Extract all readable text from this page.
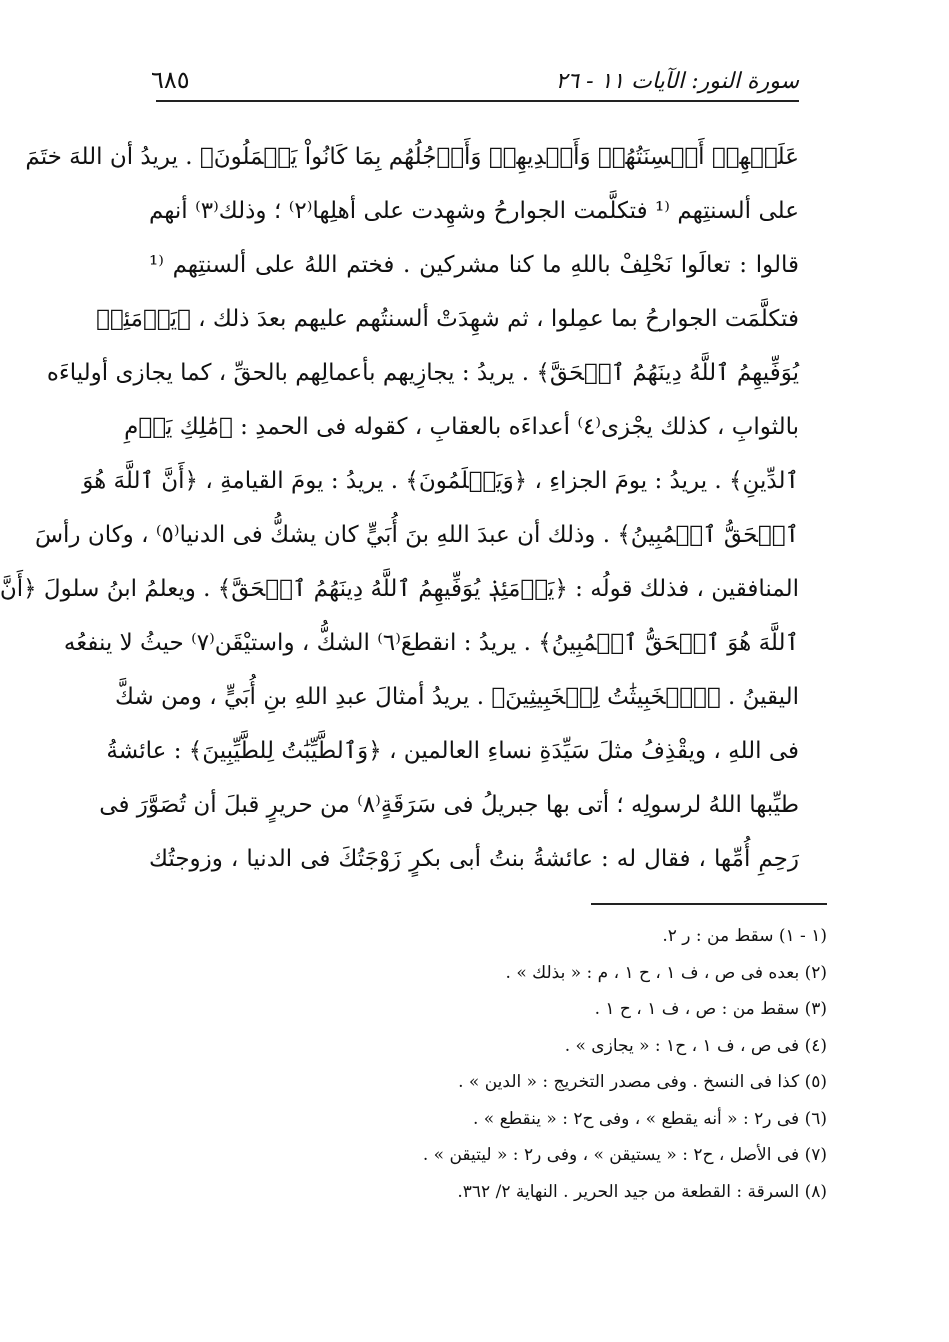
سورة النور: الآيات ١١ - ٢٦
٦٨٥
عَلَيۡهِمۡ أَلۡسِنَتُهُمۡ وَأَيۡدِيهِمۡ وَأَرۡجُلُهُم بِمَا كَانُواْ يَعۡمَلُونَ﴾ . يريدُ أن اللهَ ختَمَ
على ألسنتِهم ⁽¹ فتكلَّمت الجوارحُ وشهِدت على أهلِها⁽٢⁾ ؛ وذلك⁽٣⁾ أنهم
قالوا : تعالَوا نَحْلِفْ باللهِ ما كنا مشركين . فختم اللهُ على ألسنتِهم ⁽¹
فتكلَّمَت الجوارحُ بما عمِلوا ، ثم شهِدَتْ ألسنتُهم عليهم بعدَ ذلك ، ﴿يَوۡمَئِذٖ
يُوَفِّيهِمُ ٱللَّهُ دِينَهُمُ ٱلۡحَقَّ﴾ . يريدُ : يجازِيهم بأعمالِهم بالحقِّ ، كما يجازى أولياءَه
بالثوابِ ، كذلك يجْزى⁽٤⁾ أعداءَه بالعقابِ ، كقوله فى الحمدِ : ﴿مَٰلِكِ يَوۡمِ
ٱلدِّينِ﴾ . يريدُ : يومَ الجزاءِ ، ﴿وَيَعۡلَمُونَ﴾ . يريدُ : يومَ القيامةِ ، ﴿أَنَّ ٱللَّهَ هُوَ
ٱلۡحَقُّ ٱلۡمُبِينُ﴾ . وذلك أن عبدَ اللهِ بنَ أُبَيٍّ كان يشكُّ فى الدنيا⁽٥⁾ ، وكان رأسَ
المنافقين ، فذلك قولُه : ﴿يَوۡمَئِذٖ يُوَفِّيهِمُ ٱللَّهُ دِينَهُمُ ٱلۡحَقَّ﴾ . ويعلمُ ابنُ سلولَ ﴿أَنَّ
ٱللَّهَ هُوَ ٱلۡحَقُّ ٱلۡمُبِينُ﴾ . يريدُ : انقطعَ⁽٦⁾ الشكُّ ، واستيْقَن⁽٧⁾ حيثُ لا ينفعُه
اليقينُ . ﴿ٱلۡخَبِيثَٰتُ لِلۡخَبِيثِينَ﴾ . يريدُ أمثالَ عبدِ اللهِ بنِ أُبَيٍّ ، ومن شكَّ
فى اللهِ ، ويقْذِفُ مثلَ سَيِّدَةِ نساءِ العالمين ، ﴿وَٱلطَّيِّبَٰتُ لِلطَّيِّبِينَ﴾ : عائشةُ
طيِّبها اللهُ لرسولِه ؛ أتى بها جبريلُ فى سَرَقَةٍ⁽٨⁾ من حريرٍ قبلَ أن تُصَوَّرَ فى
رَحِمِ أُمِّها ، فقال له : عائشةُ بنتُ أبى بكرٍ زَوْجَتُكَ فى الدنيا ، وزوجتُك
(١ - ١) سقط من : ر ٢.
(٢) بعده فى ص ، ف ١ ، ح ١ ، م : « بذلك » .
(٣) سقط من : ص ، ف ١ ، ح ١ .
(٤) فى ص ، ف ١ ، ح١ : « يجازى » .
(٥) كذا فى النسخ . وفى مصدر التخريج : « الدين » .
(٦) فى ر٢ : « أنه يقطع » ، وفى ح٢ : « ينقطع » .
(٧) فى الأصل ، ح٢ : « يستيقن » ، وفى ر٢ : « ليتيقن » .
(٨) السرقة : القطعة من جيد الحرير . النهاية ٢/ ٣٦٢.
